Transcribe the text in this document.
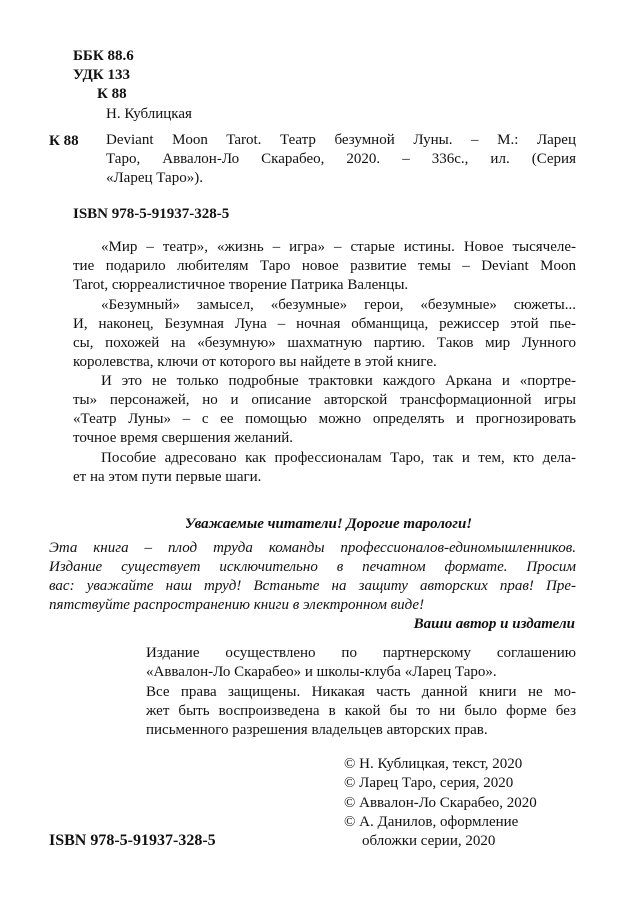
ББК 88.6
УДК 133
К 88
Н. Кублицкая
К 88 Deviant Moon Tarot. Театр безумной Луны. – М.: Ларец
Таро, Аввалон-Ло Скарабео, 2020. – 336с., ил. (Серия
«Ларец Таро»).
ISBN 978-5-91937-328-5
«Мир – театр», «жизнь – игра» – старые истины. Новое тысячеле-
тие подарило любителям Таро новое развитие темы – Deviant Moon
Tarot, сюрреалистичное творение Патрика Валенцы.
«Безумный» замысел, «безумные» герои, «безумные» сюжеты...
И, наконец, Безумная Луна – ночная обманщица, режиссер этой пье-
сы, похожей на «безумную» шахматную партию. Таков мир Лунного
королевства, ключи от которого вы найдете в этой книге.
И это не только подробные трактовки каждого Аркана и «портре-
ты» персонажей, но и описание авторской трансформационной игры
«Театр Луны» – с ее помощью можно определять и прогнозировать
точное время свершения желаний.
Пособие адресовано как профессионалам Таро, так и тем, кто дела-
ет на этом пути первые шаги.
Уважаемые читатели! Дорогие тарологи!
Эта книга – плод труда команды профессионалов-единомышленников.
Издание существует исключительно в печатном формате. Просим
вас: уважайте наш труд! Встаньте на защиту авторских прав! Пре-
пятствуйте распространению книги в электронном виде!
Ваши автор и издатели
Издание осуществлено по партнерскому соглашению
«Аввалон-Ло Скарабео» и школы-клуба «Ларец Таро».
Все права защищены. Никакая часть данной книги не мо-
жет быть воспроизведена в какой бы то ни было форме без
письменного разрешения владельцев авторских прав.
© Н. Кублицкая, текст, 2020
© Ларец Таро, серия, 2020
© Аввалон-Ло Скарабео, 2020
© А. Данилов, оформление
обложки серии, 2020
ISBN 978-5-91937-328-5
